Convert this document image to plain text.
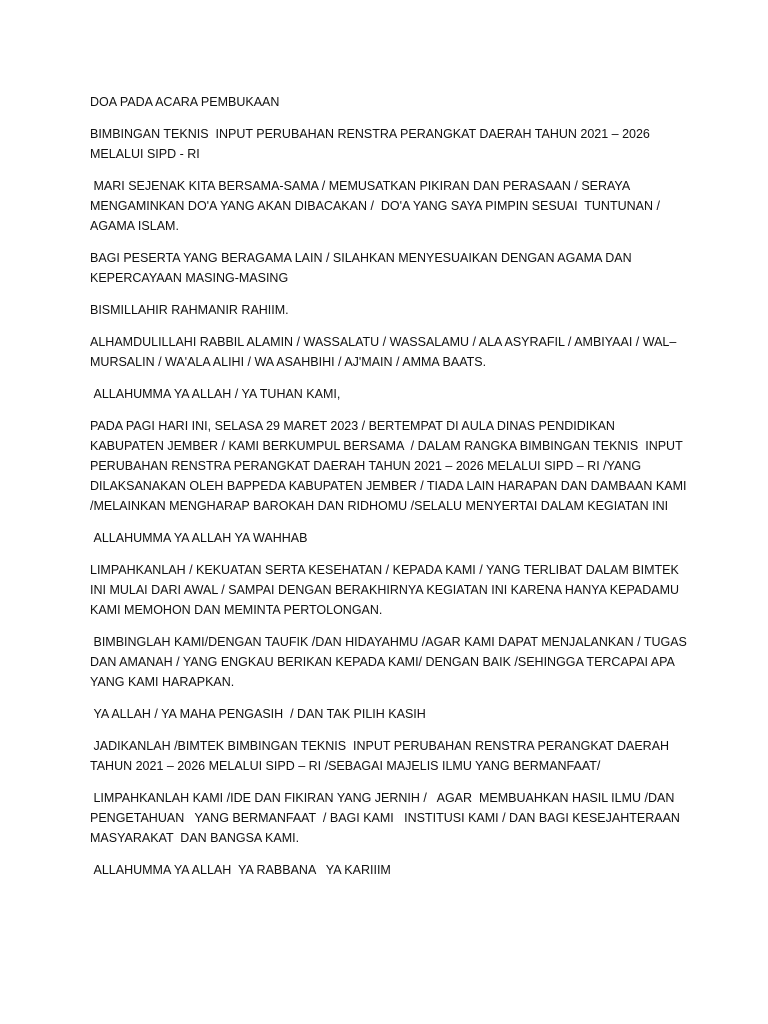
DOA PADA ACARA PEMBUKAAN

BIMBINGAN TEKNIS  INPUT PERUBAHAN RENSTRA PERANGKAT DAERAH TAHUN 2021 – 2026 MELALUI SIPD - RI

MARI SEJENAK KITA BERSAMA-SAMA / MEMUSATKAN PIKIRAN DAN PERASAAN / SERAYA MENGAMINKAN DO'A YANG AKAN DIBACAKAN /  DO'A YANG SAYA PIMPIN SESUAI  TUNTUNAN / AGAMA ISLAM.

BAGI PESERTA YANG BERAGAMA LAIN / SILAHKAN MENYESUAIKAN DENGAN AGAMA DAN KEPERCAYAAN MASING-MASING

BISMILLAHIR RAHMANIR RAHIIM.

ALHAMDULILLAHI RABBIL ALAMIN / WASSALATU / WASSALAMU / ALA ASYRAFIL / AMBIYAAI / WAL– MURSALIN / WA'ALA ALIHI / WA ASAHBIHI / AJ'MAIN / AMMA BAATS.

ALLAHUMMA YA ALLAH / YA TUHAN KAMI,

PADA PAGI HARI INI, SELASA 29 MARET 2023 / BERTEMPAT DI AULA DINAS PENDIDIKAN KABUPATEN JEMBER / KAMI BERKUMPUL BERSAMA  / DALAM RANGKA BIMBINGAN TEKNIS  INPUT PERUBAHAN RENSTRA PERANGKAT DAERAH TAHUN 2021 – 2026 MELALUI SIPD – RI /YANG DILAKSANAKAN OLEH BAPPEDA KABUPATEN JEMBER / TIADA LAIN HARAPAN DAN DAMBAAN KAMI /MELAINKAN MENGHARAP BAROKAH DAN RIDHOMU /SELALU MENYERTAI DALAM KEGIATAN INI

ALLAHUMMA YA ALLAH YA WAHHAB

LIMPAHKANLAH / KEKUATAN SERTA KESEHATAN / KEPADA KAMI / YANG TERLIBAT DALAM BIMTEK INI MULAI DARI AWAL / SAMPAI DENGAN BERAKHIRNYA KEGIATAN INI KARENA HANYA KEPADAMU KAMI MEMOHON DAN MEMINTA PERTOLONGAN.

BIMBINGLAH KAMI/DENGAN TAUFIK /DAN HIDAYAHMU /AGAR KAMI DAPAT MENJALANKAN / TUGAS DAN AMANAH / YANG ENGKAU BERIKAN KEPADA KAMI/ DENGAN BAIK /SEHINGGA TERCAPAI APA YANG KAMI HARAPKAN.

YA ALLAH / YA MAHA PENGASIH  / DAN TAK PILIH KASIH

JADIKANLAH /BIMTEK BIMBINGAN TEKNIS  INPUT PERUBAHAN RENSTRA PERANGKAT DAERAH TAHUN 2021 – 2026 MELALUI SIPD – RI /SEBAGAI MAJELIS ILMU YANG BERMANFAAT/

LIMPAHKANLAH KAMI /IDE DAN FIKIRAN YANG JERNIH /   AGAR  MEMBUAHKAN HASIL ILMU /DAN PENGETAHUAN   YANG BERMANFAAT  / BAGI KAMI   INSTITUSI KAMI / DAN BAGI KESEJAHTERAAN MASYARAKAT  DAN BANGSA KAMI.

ALLAHUMMA YA ALLAH  YA RABBANA   YA KARIIIM
